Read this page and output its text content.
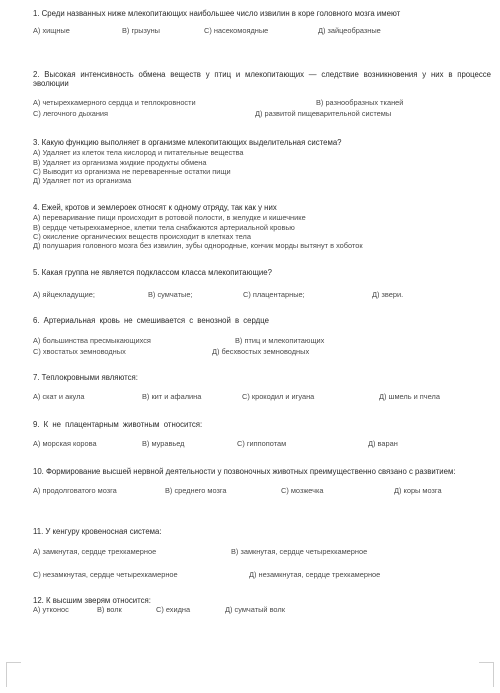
1. Среди названных ниже млекопитающих наибольшее число извилин в коре головного мозга имеют
А) хищные	В) грызуны	С) насекомоядные	Д) зайцеобразные
2. Высокая интенсивность обмена веществ у птиц и млекопитающих — следствие возникновения у них в процессе эволюции
А) четырехкамерного сердца и теплокровности	В) разнообразных тканей
С) легочного дыхания	Д) развитой пищеварительной системы
3. Какую функцию выполняет в организме млекопитающих выделительная система?
А) Удаляет из клеток тела кислород и питательные вещества
В) Удаляет из организма жидкие продукты обмена
С) Выводит из организма не переваренные остатки пищи
Д) Удаляет пот из организма
4. Ежей, кротов и землероек относят к одному отряду, так как у них
А) переваривание пищи происходит в ротовой полости, в желудке и кишечнике
В) сердце четырехкамерное, клетки тела снабжаются артериальной кровью
С) окисление органических веществ происходит в клетках тела
Д) полушария головного мозга без извилин, зубы однородные, кончик морды вытянут в хоботок
5. Какая группа не является подклассом класса млекопитающие?
А) яйцекладущие;	В) сумчатые;	С) плацентарные;	Д) звери.
6. Артериальная кровь не смешивается с венозной в сердце
А) большинства пресмыкающихся	В) птиц и млекопитающих
С) хвостатых земноводных	Д) бесхвостых земноводных
7. Теплокровными являются:
А) скат и акула	В) кит и афалина	С) крокодил и игуана	Д) шмель и пчела
9. К не плацентарным животным относится:
А) морская корова	В) муравьед	С) гиппопотам	Д) варан
10. Формирование высшей нервной деятельности у позвоночных животных преимущественно связано с развитием:
А) продолговатого мозга	В) среднего мозга	С) мозжечка	Д) коры мозга
11. У кенгуру кровеносная система:
А) замкнутая, сердце трехкамерное	В) замкнутая, сердце четырехкамерное
С) незамкнутая, сердце четырехкамерное	Д) незамкнутая, сердце трехкамерное
12. К высшим зверям относится:
А) утконос	В) волк	С) ехидна	Д) сумчатый волк
